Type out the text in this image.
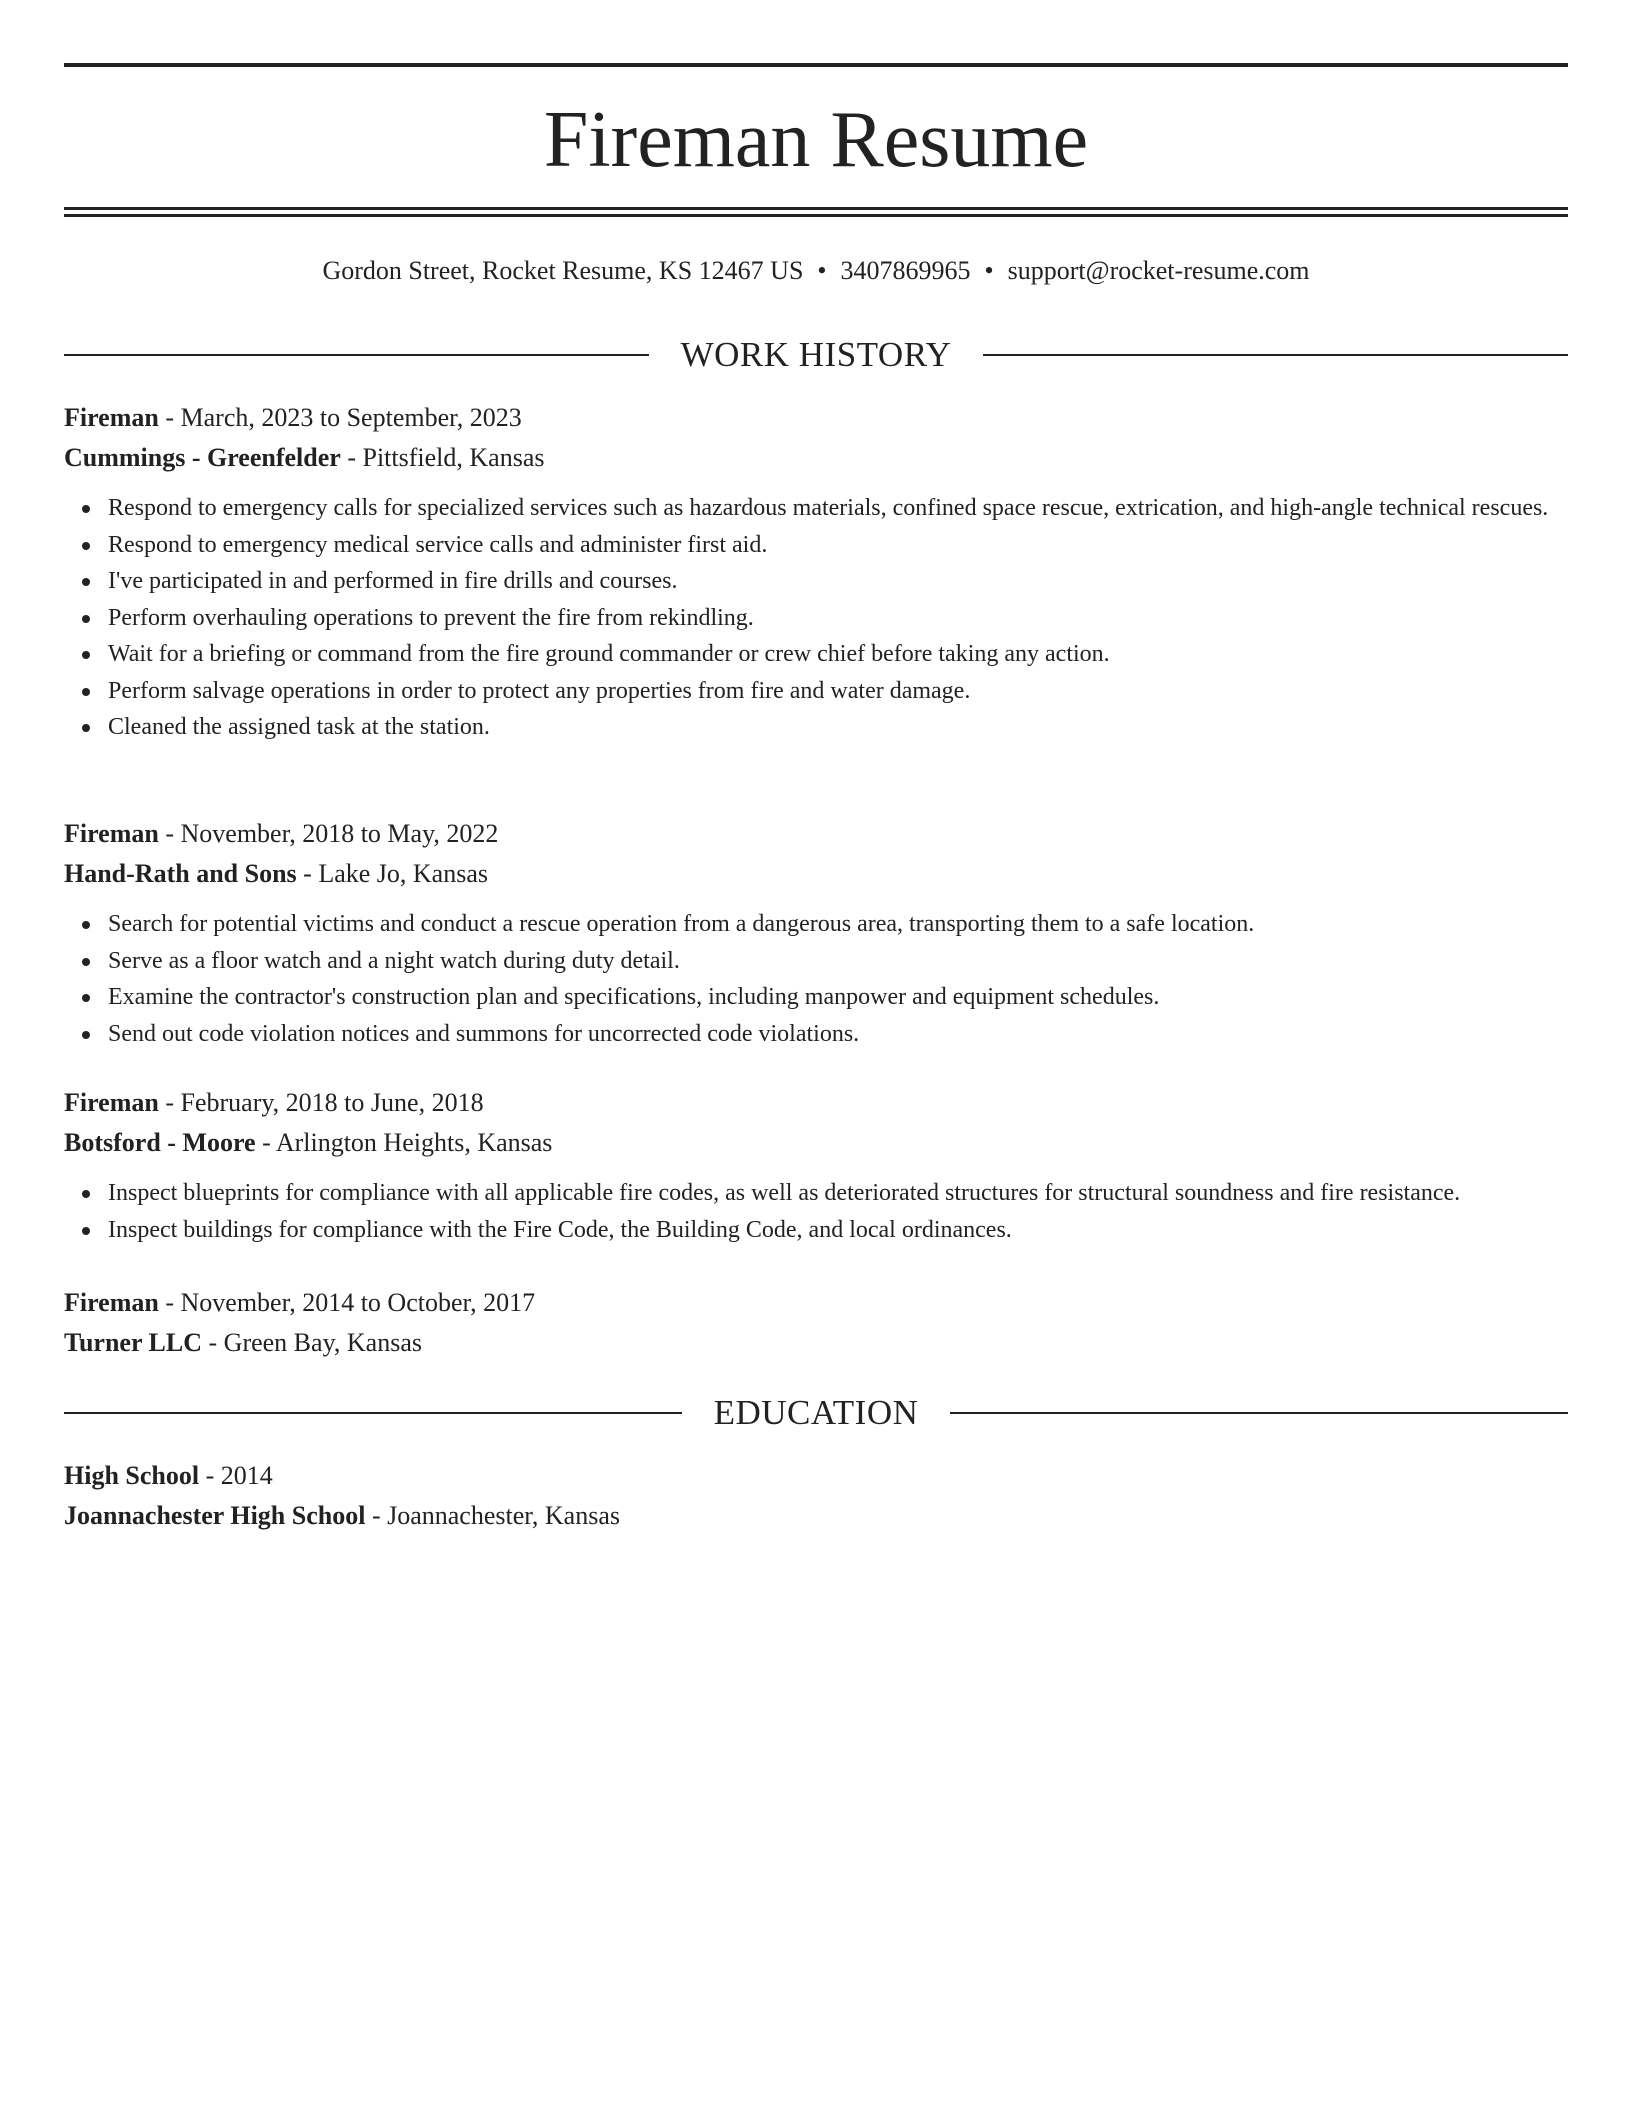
Fireman Resume
Gordon Street, Rocket Resume, KS 12467 US • 3407869965 • support@rocket-resume.com
WORK HISTORY
Fireman - March, 2023 to September, 2023
Cummings - Greenfelder - Pittsfield, Kansas
Respond to emergency calls for specialized services such as hazardous materials, confined space rescue, extrication, and high-angle technical rescues.
Respond to emergency medical service calls and administer first aid.
I've participated in and performed in fire drills and courses.
Perform overhauling operations to prevent the fire from rekindling.
Wait for a briefing or command from the fire ground commander or crew chief before taking any action.
Perform salvage operations in order to protect any properties from fire and water damage.
Cleaned the assigned task at the station.
Fireman - November, 2018 to May, 2022
Hand-Rath and Sons - Lake Jo, Kansas
Search for potential victims and conduct a rescue operation from a dangerous area, transporting them to a safe location.
Serve as a floor watch and a night watch during duty detail.
Examine the contractor's construction plan and specifications, including manpower and equipment schedules.
Send out code violation notices and summons for uncorrected code violations.
Fireman - February, 2018 to June, 2018
Botsford - Moore - Arlington Heights, Kansas
Inspect blueprints for compliance with all applicable fire codes, as well as deteriorated structures for structural soundness and fire resistance.
Inspect buildings for compliance with the Fire Code, the Building Code, and local ordinances.
Fireman - November, 2014 to October, 2017
Turner LLC - Green Bay, Kansas
EDUCATION
High School - 2014
Joannachester High School - Joannachester, Kansas
